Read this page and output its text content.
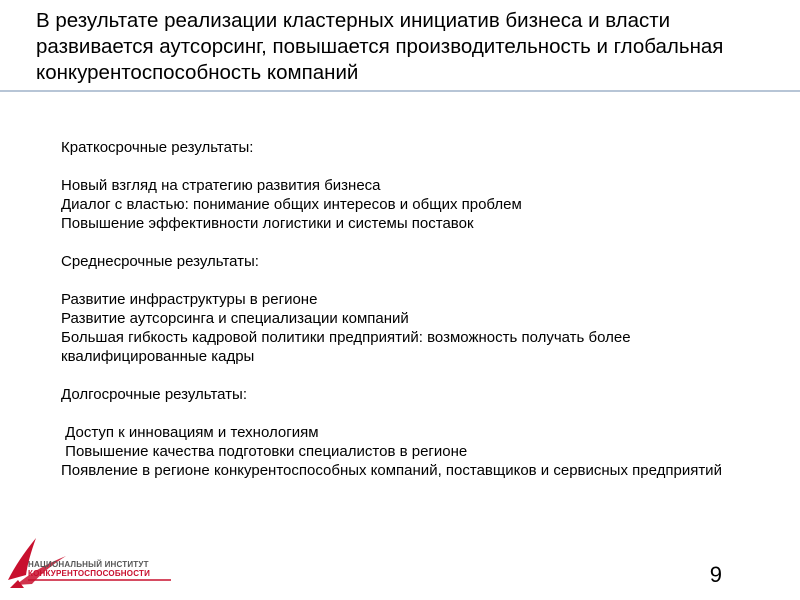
В результате реализации кластерных инициатив бизнеса и власти развивается аутсорсинг, повышается производительность и глобальная конкурентоспособность компаний
Краткосрочные результаты:
Новый взгляд на стратегию развития бизнеса
Диалог с властью: понимание общих интересов и общих проблем
Повышение эффективности логистики и системы поставок
Среднесрочные результаты:
Развитие инфраструктуры в регионе
Развитие аутсорсинга и специализации компаний
Большая гибкость кадровой политики предприятий: возможность получать более квалифицированные кадры
Долгосрочные результаты:
Доступ к инновациям и технологиям
Повышение качества подготовки специалистов в регионе
Появление в регионе конкурентоспособных компаний, поставщиков и сервисных предприятий
НАЦИОНАЛЬНЫЙ ИНСТИТУТ
КОНКУРЕНТОСПОСОБНОСТИ	9
